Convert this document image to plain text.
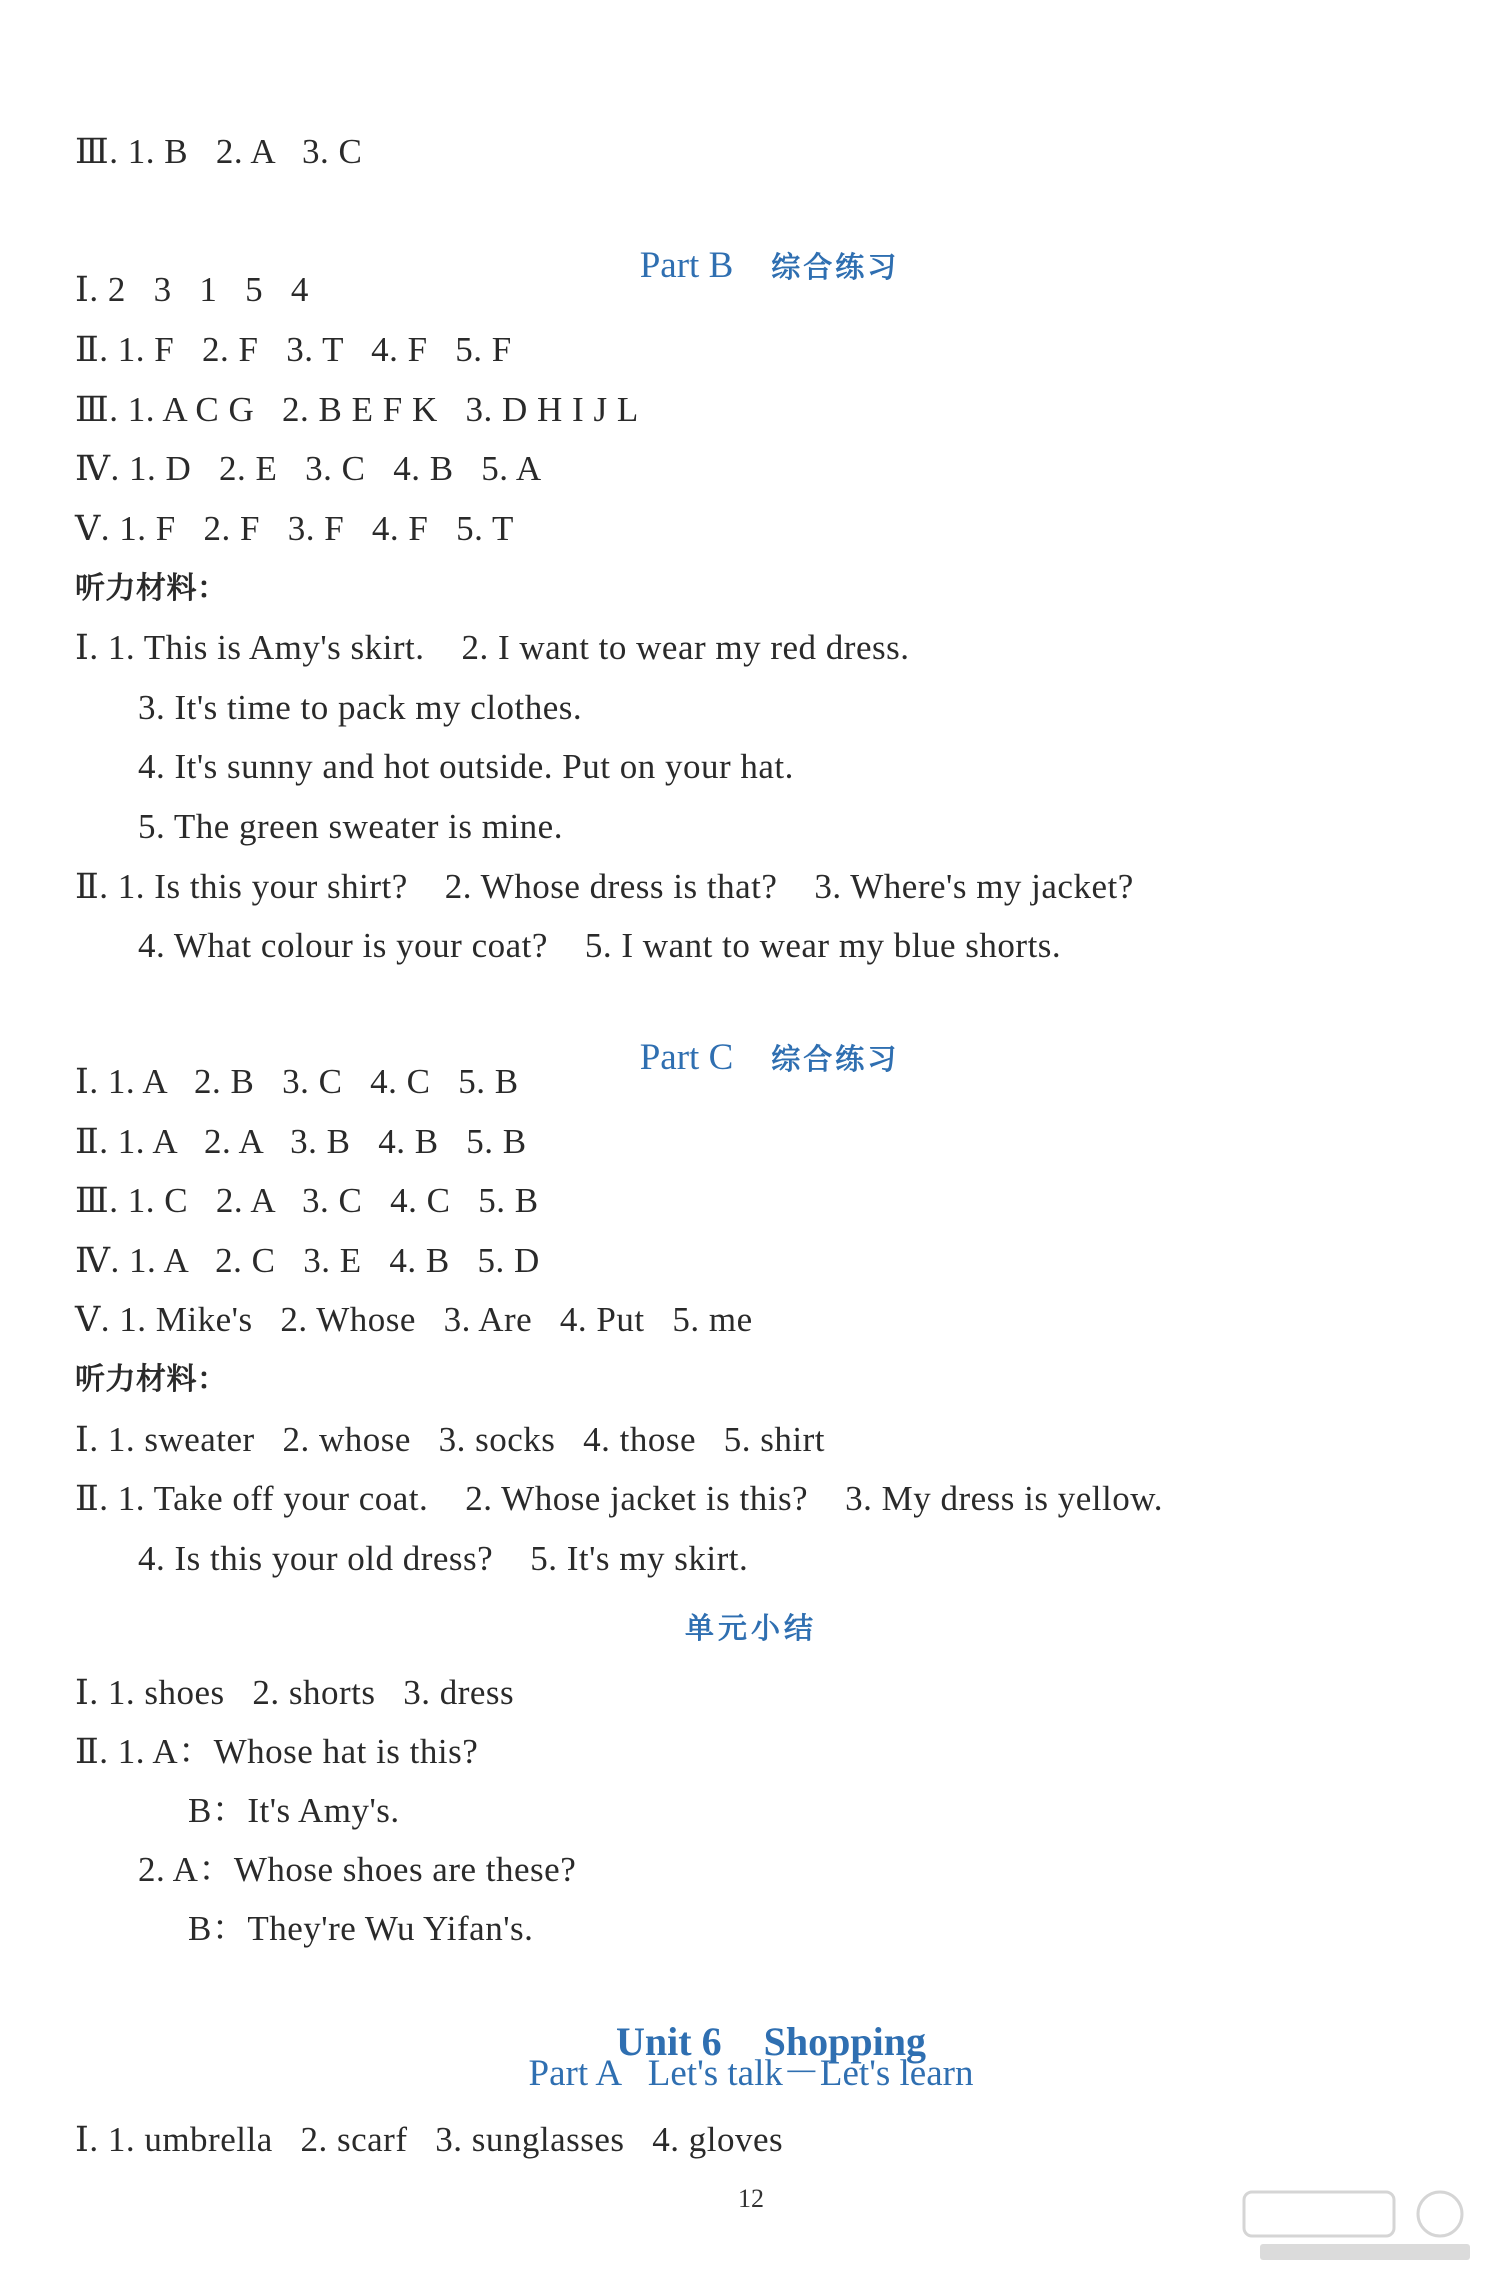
Ⅲ. 1. B   2. A   3. C

Part B 综合练习

Ⅰ. 2   3   1   5   4
Ⅱ. 1. F   2. F   3. T   4. F   5. F
Ⅲ. 1. A C G   2. B E F K   3. D H I J L
Ⅳ. 1. D   2. E   3. C   4. B   5. A
Ⅴ. 1. F   2. F   3. F   4. F   5. T
听力材料：
Ⅰ. 1. This is Amy's skirt.    2. I want to wear my red dress.
3. It's time to pack my clothes.
4. It's sunny and hot outside. Put on your hat.
5. The green sweater is mine.
Ⅱ. 1. Is this your shirt?    2. Whose dress is that?    3. Where's my jacket?
4. What colour is your coat?    5. I want to wear my blue shorts.

Part C 综合练习

Ⅰ. 1. A   2. B   3. C   4. C   5. B
Ⅱ. 1. A   2. A   3. B   4. B   5. B
Ⅲ. 1. C   2. A   3. C   4. C   5. B
Ⅳ. 1. A   2. C   3. E   4. B   5. D
Ⅴ. 1. Mike's   2. Whose   3. Are   4. Put   5. me
听力材料：
Ⅰ. 1. sweater   2. whose   3. socks   4. those   5. shirt
Ⅱ. 1. Take off your coat.    2. Whose jacket is this?    3. My dress is yellow.
4. Is this your old dress?    5. It's my skirt.
单元小结
Ⅰ. 1. shoes   2. shorts   3. dress
Ⅱ. 1. A：Whose hat is this?
B：It's Amy's.
2. A：Whose shoes are these?
B：They're Wu Yifan's.

Unit 6 Shopping

Part A   Let's talk－Let's learn
Ⅰ. 1. umbrella   2. scarf   3. sunglasses   4. gloves
12
